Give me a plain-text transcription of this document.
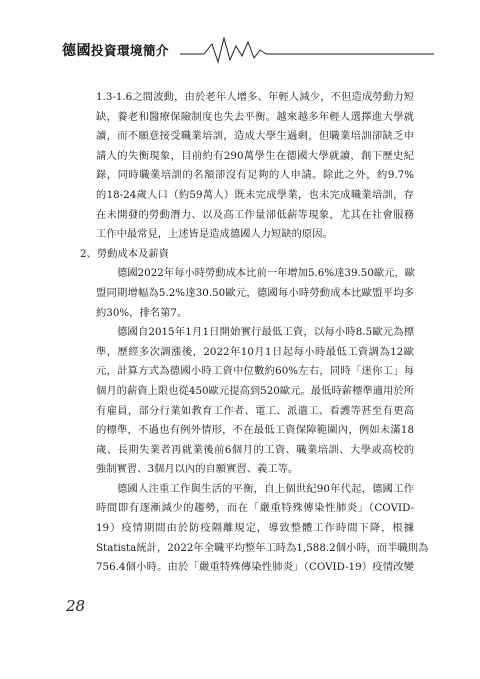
德國投資環境簡介
1.3-1.6之間波動，由於老年人增多、年輕人減少，不但造成勞動力短
缺，養老和醫療保險制度也失去平衡。越來越多年輕人選擇進大學就
讀，而不願意接受職業培訓，造成大學生過剩，但職業培訓卻缺乏申
請人的失衡現象，目前約有290萬學生在德國大學就讀，創下歷史紀
錄，同時職業培訓的名額卻沒有足夠的人申請。除此之外，約9.7%
的18-24歲人口（約59萬人）既未完成學業，也未完成職業培訓，存
在未開發的勞動潛力、以及高工作量卻低薪等現象，尤其在社會服務
工作中最常見，上述皆是造成德國人力短缺的原因。
2、勞動成本及薪資
德國2022年每小時勞動成本比前一年增加5.6%達39.50歐元，歐
盟同期增幅為5.2%達30.50歐元，德國每小時勞動成本比歐盟平均多
約30%，排名第7。
德國自2015年1月1日開始實行最低工資，以每小時8.5歐元為標
準，歷經多次調漲後，2022年10月1日起每小時最低工資調為12歐
元，計算方式為德國小時工資中位數約60%左右，同時「迷你工」每
個月的薪資上限也從450歐元提高到520歐元。最低時薪標準適用於所
有雇員，部分行業如教育工作者、電工、派遣工、看護等甚至有更高
的標準，不過也有例外情形，不在最低工資保障範圍內，例如未滿18
歲、長期失業者再就業後前6個月的工資、職業培訓、大學或高校的
強制實習、3個月以內的自願實習、義工等。
德國人注重工作與生活的平衡，自上個世紀90年代起，德國工作
時間即有逐漸減少的趨勢，而在「嚴重特殊傳染性肺炎」（COVID-
19）疫情期間由於防疫隔離規定，導致整體工作時間下降，根據
Statista統計，2022年全職平均整年工時為1,588.2個小時，而半職則為
756.4個小時。由於「嚴重特殊傳染性肺炎」（COVID-19）疫情改變
28
